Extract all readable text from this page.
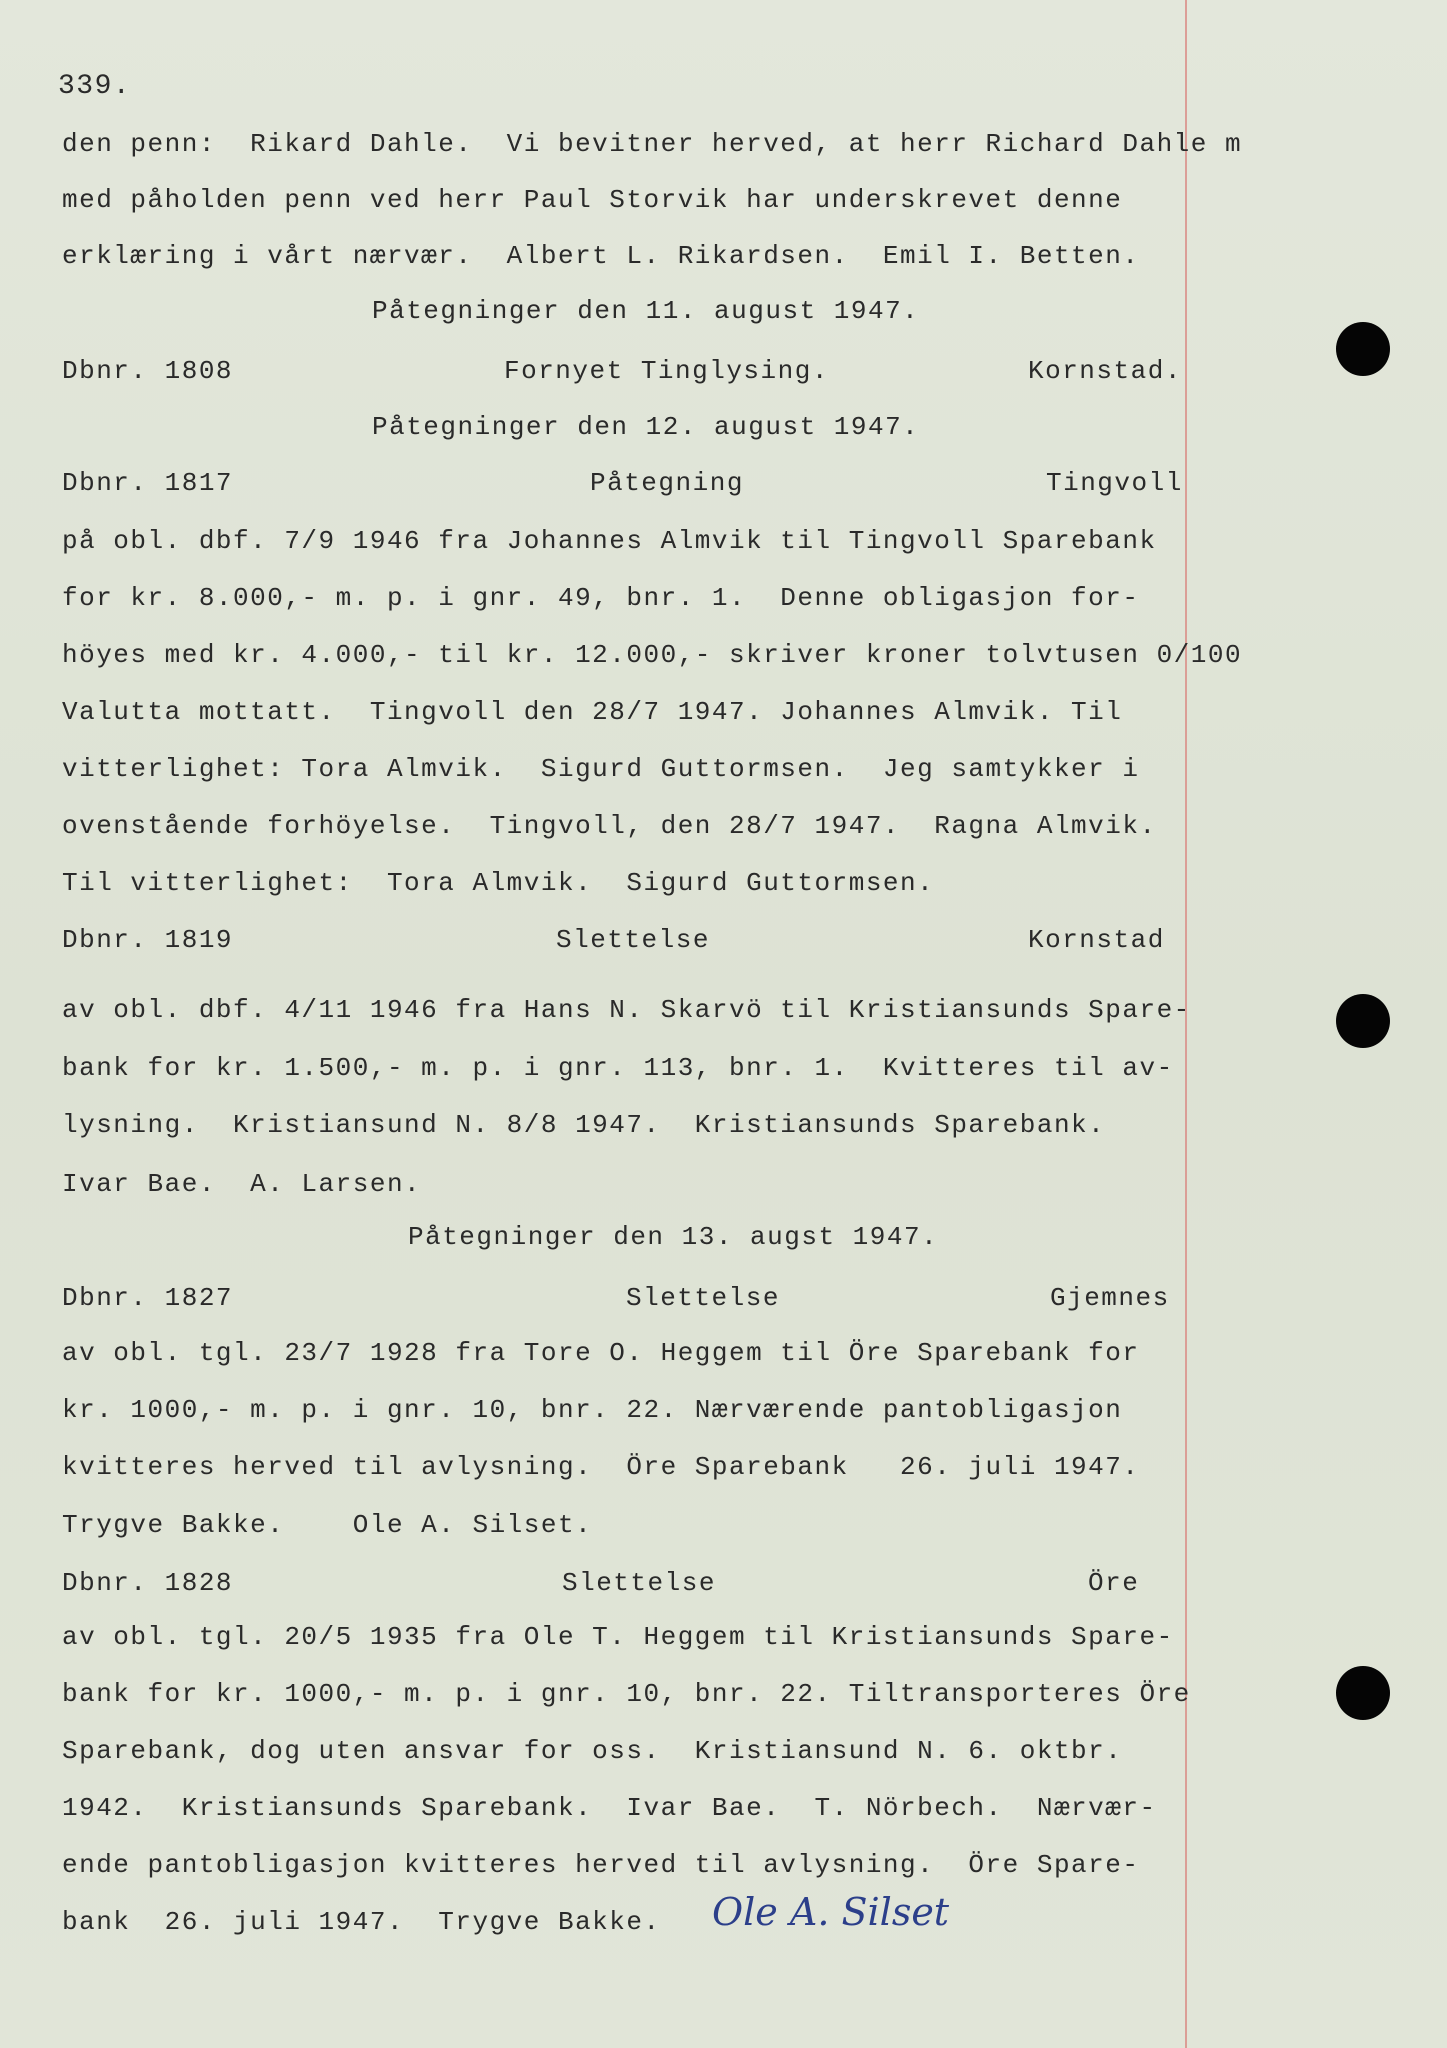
339.
den penn:  Rikard Dahle.  Vi bevitner herved, at herr Richard Dahle m
med påholden penn ved herr Paul Storvik har underskrevet denne
erklæring i vårt nærvær.  Albert L. Rikardsen.  Emil I. Betten.
Påtegninger den 11. august 1947.
Dbnr. 1808	Fornyet Tinglysing.	Kornstad.
Påtegninger den 12. august 1947.
Dbnr. 1817	Påtegning	Tingvoll
på obl. dbf. 7/9 1946 fra Johannes Almvik til Tingvoll Sparebank
for kr. 8.000,- m. p. i gnr. 49, bnr. 1.  Denne obligasjon for-
höyes med kr. 4.000,- til kr. 12.000,- skriver kroner tolvtusen 0/100
Valutta mottatt.  Tingvoll den 28/7 1947. Johannes Almvik. Til
vitterlighet: Tora Almvik.  Sigurd Guttormsen.  Jeg samtykker i
ovenstående forhöyelse.  Tingvoll, den 28/7 1947.  Ragna Almvik.
Til vitterlighet:  Tora Almvik.  Sigurd Guttormsen.
Dbnr. 1819	Slettelse	Kornstad
av obl. dbf. 4/11 1946 fra Hans N. Skarvö til Kristiansunds Spare-
bank for kr. 1.500,- m. p. i gnr. 113, bnr. 1.  Kvitteres til av-
lysning.  Kristiansund N. 8/8 1947.  Kristiansunds Sparebank.
Ivar Bae.  A. Larsen.
Påtegninger den 13. augst 1947.
Dbnr. 1827	Slettelse	Gjemnes
av obl. tgl. 23/7 1928 fra Tore O. Heggem til Öre Sparebank for
kr. 1000,- m. p. i gnr. 10, bnr. 22. Nærværende pantobligasjon
kvitteres herved til avlysning.  Öre Sparebank   26. juli 1947.
Trygve Bakke.    Ole A. Silset.
Dbnr. 1828	Slettelse	Öre
av obl. tgl. 20/5 1935 fra Ole T. Heggem til Kristiansunds Spare-
bank for kr. 1000,- m. p. i gnr. 10, bnr. 22. Tiltransporteres Öre
Sparebank, dog uten ansvar for oss.  Kristiansund N. 6. oktbr.
1942.  Kristiansunds Sparebank.  Ivar Bae.  T. Nörbech.  Nærvær-
ende pantobligasjon kvitteres herved til avlysning.  Öre Spare-
bank  26. juli 1947.  Trygve Bakke. Ole A. Silset
